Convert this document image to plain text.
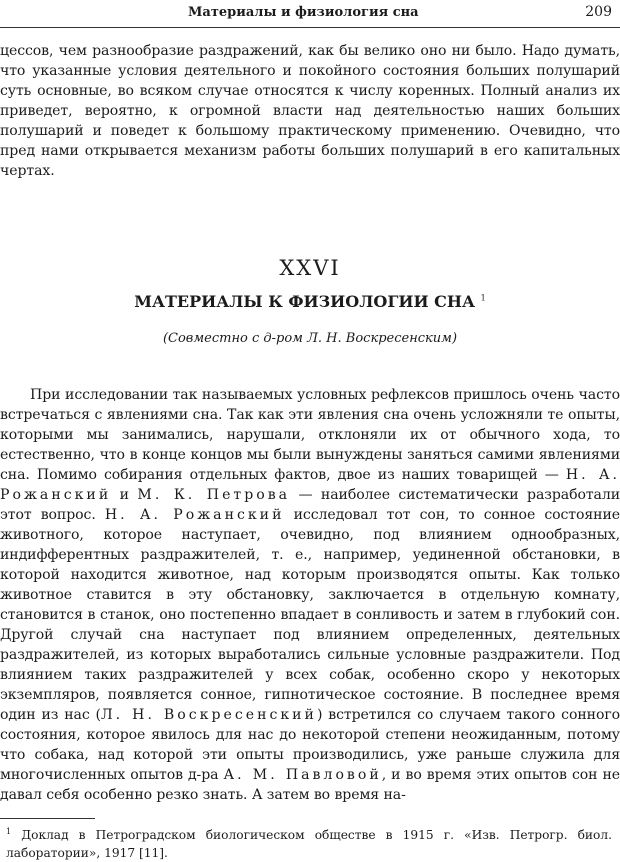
Материалы и физиология сна	209

цессов, чем разнообразие раздражений, как бы велико оно ни было. Надо думать, что указанные условия деятельного и покойного состояния больших полушарий суть основные, во всяком случае относятся к числу коренных. Полный анализ их приведет, вероятно, к огромной власти над деятельностью наших больших полушарий и поведет к большому практическому применению. Очевидно, что пред нами открывается механизм работы больших полушарий в его капитальных чертах.

XXVI
МАТЕРИАЛЫ К ФИЗИОЛОГИИ СНА $^1$
(Совместно с д-ром Л. Н. Воскресенским)

При исследовании так называемых условных рефлексов пришлось очень часто встречаться с явлениями сна. Так как эти явления сна очень усложняли те опыты, которыми мы занимались, нарушали, отклоняли их от обычного хода, то естественно, что в конце концов мы были вынуждены заняться самими явлениями сна. Помимо собирания отдельных фактов, двое из наших товарищей — Н. А. Рожанский и М. К. Петрова — наиболее систематически разработали этот вопрос. Н. А. Рожанский исследовал тот сон, то сонное состояние животного, которое наступает, очевидно, под влиянием однообразных, индифферентных раздражителей, т. е., например, уединенной обстановки, в которой находится животное, над которым производятся опыты. Как только животное ставится в эту обстановку, заключается в отдельную комнату, становится в станок, оно постепенно впадает в сонливость и затем в глубокий сон. Другой случай сна наступает под влиянием определенных, деятельных раздражителей, из которых выработались сильные условные раздражители. Под влиянием таких раздражителей у всех собак, особенно скоро у некоторых экземпляров, появляется сонное, гипнотическое состояние. В последнее время один из нас (Л. Н. Воскресенский) встретился со случаем такого сонного состояния, которое явилось для нас до некоторой степени неожиданным, потому что собака, над которой эти опыты производились, уже раньше служила для многочисленных опытов д-ра А. М. Павловой, и во время этих опытов сон не давал себя особенно резко знать. А затем во время на-

$^1$ Доклад в Петроградском биологическом обществе в 1915 г. «Изв. Петрогр. биол. лаборатории», 1917 [11].
